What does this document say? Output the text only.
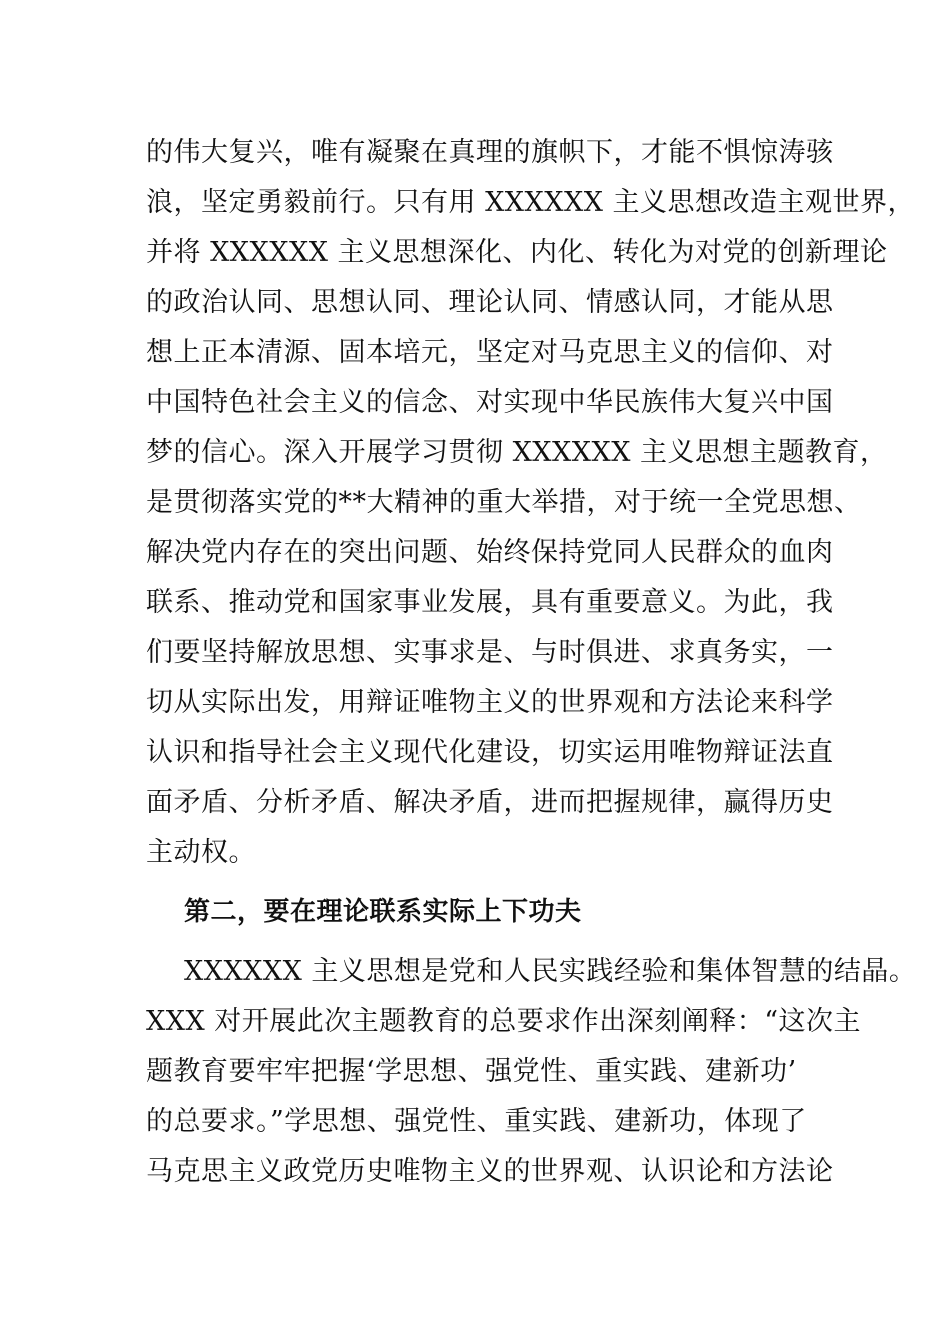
的伟大复兴，唯有凝聚在真理的旗帜下，才能不惧惊涛骇
浪，坚定勇毅前行。只有用 XXXXXX 主义思想改造主观世界，
并将 XXXXXX 主义思想深化、内化、转化为对党的创新理论
的政治认同、思想认同、理论认同、情感认同，才能从思
想上正本清源、固本培元，坚定对马克思主义的信仰、对
中国特色社会主义的信念、对实现中华民族伟大复兴中国
梦的信心。深入开展学习贯彻 XXXXXX 主义思想主题教育，
是贯彻落实党的**大精神的重大举措，对于统一全党思想、
解决党内存在的突出问题、始终保持党同人民群众的血肉
联系、推动党和国家事业发展，具有重要意义。为此，我
们要坚持解放思想、实事求是、与时俱进、求真务实，一
切从实际出发，用辩证唯物主义的世界观和方法论来科学
认识和指导社会主义现代化建设，切实运用唯物辩证法直
面矛盾、分析矛盾、解决矛盾，进而把握规律，赢得历史
主动权。
第二，要在理论联系实际上下功夫
XXXXXX 主义思想是党和人民实践经验和集体智慧的结晶。
XXX 对开展此次主题教育的总要求作出深刻阐释：“这次主
题教育要牢牢把握‘学思想、强党性、重实践、建新功’
的总要求。”学思想、强党性、重实践、建新功，体现了
马克思主义政党历史唯物主义的世界观、认识论和方法论
